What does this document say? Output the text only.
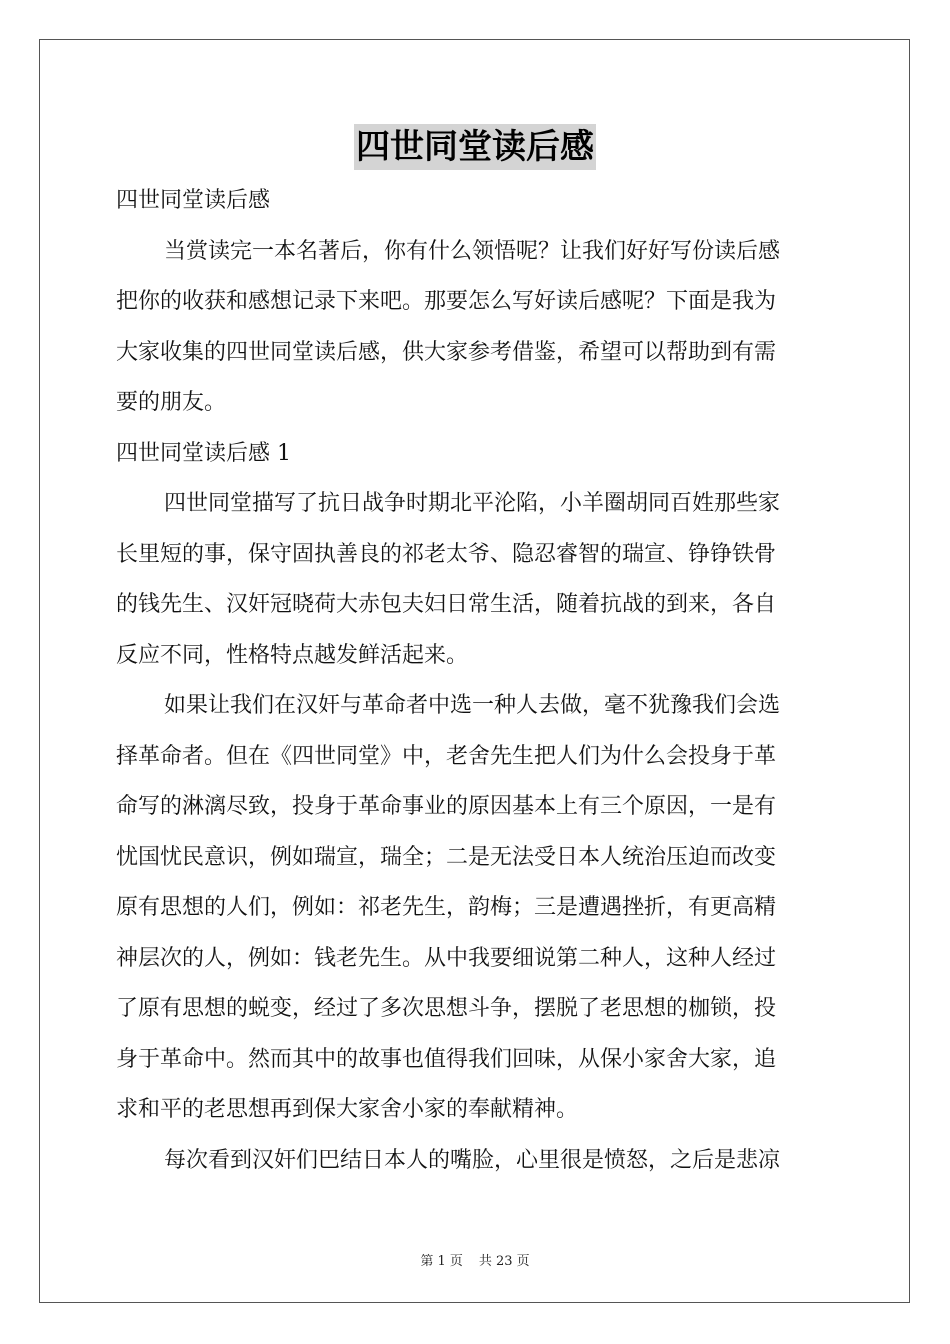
四世同堂读后感
四世同堂读后感
当赏读完一本名著后，你有什么领悟呢？让我们好好写份读后感
把你的收获和感想记录下来吧。那要怎么写好读后感呢？下面是我为
大家收集的四世同堂读后感，供大家参考借鉴，希望可以帮助到有需
要的朋友。
四世同堂读后感 1
四世同堂描写了抗日战争时期北平沦陷，小羊圈胡同百姓那些家
长里短的事，保守固执善良的祁老太爷、隐忍睿智的瑞宣、铮铮铁骨
的钱先生、汉奸冠晓荷大赤包夫妇日常生活，随着抗战的到来，各自
反应不同，性格特点越发鲜活起来。
如果让我们在汉奸与革命者中选一种人去做，毫不犹豫我们会选
择革命者。但在《四世同堂》中，老舍先生把人们为什么会投身于革
命写的淋漓尽致，投身于革命事业的原因基本上有三个原因，一是有
忧国忧民意识，例如瑞宣，瑞全；二是无法受日本人统治压迫而改变
原有思想的人们，例如：祁老先生，韵梅；三是遭遇挫折，有更高精
神层次的人，例如：钱老先生。从中我要细说第二种人，这种人经过
了原有思想的蜕变，经过了多次思想斗争，摆脱了老思想的枷锁，投
身于革命中。然而其中的故事也值得我们回味，从保小家舍大家，追
求和平的老思想再到保大家舍小家的奉献精神。
每次看到汉奸们巴结日本人的嘴脸，心里很是愤怒，之后是悲凉
第 1 页 共 23 页
